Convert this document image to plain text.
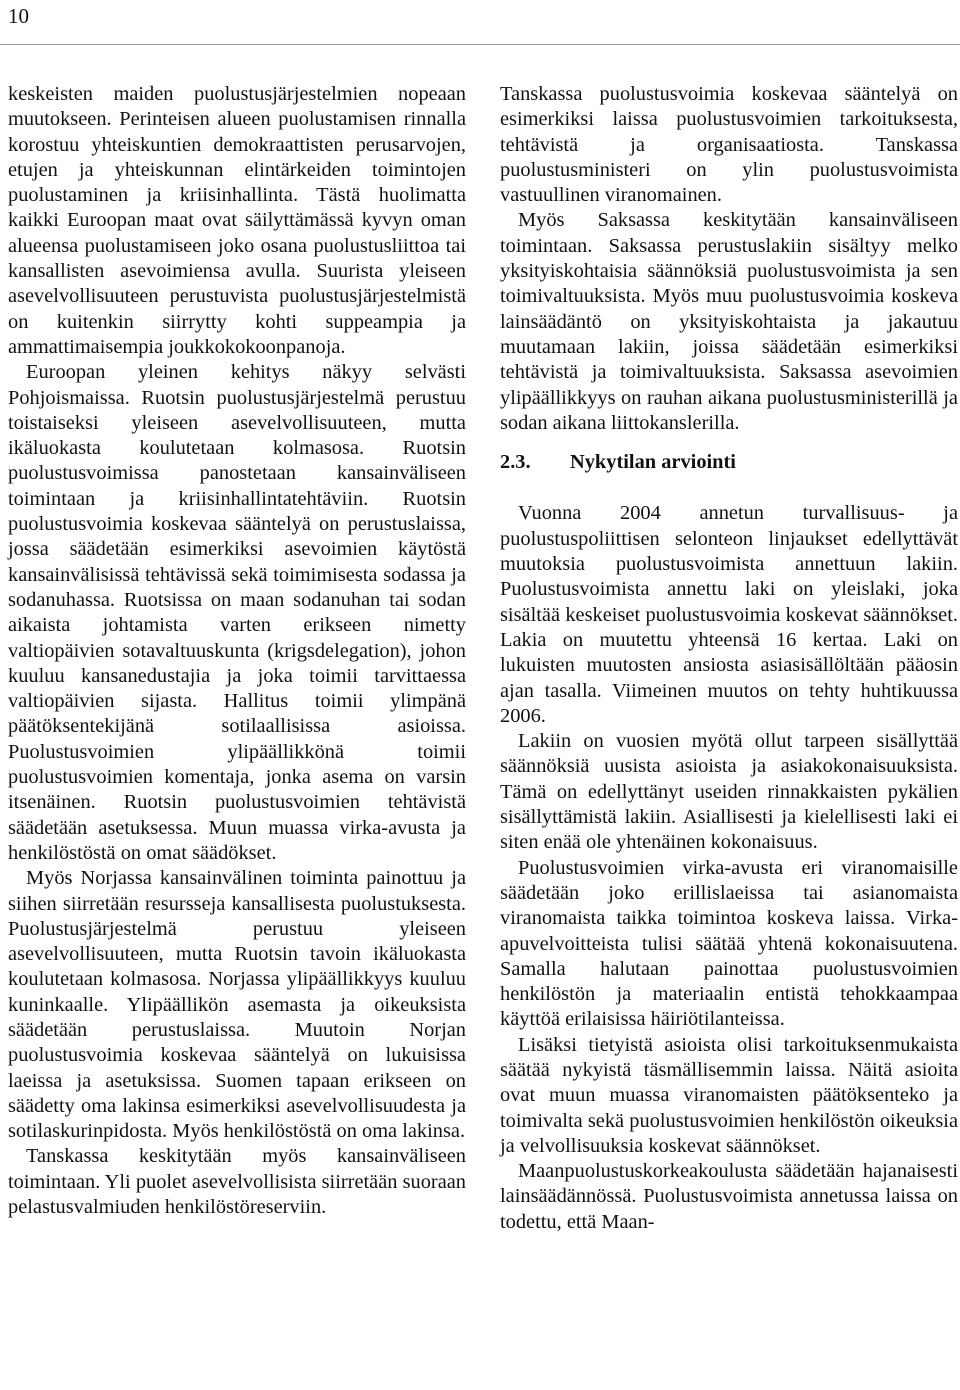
10

keskeisten maiden puolustusjärjestelmien nopeaan muutokseen. Perinteisen alueen puolustamisen rinnalla korostuu yhteiskuntien demokraattisten perusarvojen, etujen ja yhteiskunnan elintärkeiden toimintojen puolustaminen ja kriisinhallinta. Tästä huolimatta kaikki Euroopan maat ovat säilyttämässä kyvyn oman alueensa puolustamiseen joko osana puolustusliittoa tai kansallisten asevoimiensa avulla. Suurista yleiseen asevelvollisuuteen perustuvista puolustusjärjestelmistä on kuitenkin siirrytty kohti suppeampia ja ammattimaisempia joukkokokoonpanoja.

Euroopan yleinen kehitys näkyy selvästi Pohjoismaissa. Ruotsin puolustusjärjestelmä perustuu toistaiseksi yleiseen asevelvollisuuteen, mutta ikäluokasta koulutetaan kolmasosa. Ruotsin puolustusvoimissa panostetaan kansainväliseen toimintaan ja kriisinhallintatehtäviin. Ruotsin puolustusvoimia koskevaa sääntelyä on perustuslaissa, jossa säädetään esimerkiksi asevoimien käytöstä kansainvälisissä tehtävissä sekä toimimisesta sodassa ja sodanuhassa. Ruotsissa on maan sodanuhan tai sodan aikaista johtamista varten erikseen nimetty valtiopäivien sotavaltuuskunta (krigsdelegation), johon kuuluu kansanedustajia ja joka toimii tarvittaessa valtiopäivien sijasta. Hallitus toimii ylimpänä päätöksentekijänä sotilaallisissa asioissa. Puolustusvoimien ylipäällikkönä toimii puolustusvoimien komentaja, jonka asema on varsin itsenäinen. Ruotsin puolustusvoimien tehtävistä säädetään asetuksessa. Muun muassa virka-avusta ja henkilöstöstä on omat säädökset.

Myös Norjassa kansainvälinen toiminta painottuu ja siihen siirretään resursseja kansallisesta puolustuksesta. Puolustusjärjestelmä perustuu yleiseen asevelvollisuuteen, mutta Ruotsin tavoin ikäluokasta koulutetaan kolmasosa. Norjassa ylipäällikkyys kuuluu kuninkaalle. Ylipäällikön asemasta ja oikeuksista säädetään perustuslaissa. Muutoin Norjan puolustusvoimia koskevaa sääntelyä on lukuisissa laeissa ja asetuksissa. Suomen tapaan erikseen on säädetty oma lakinsa esimerkiksi asevelvollisuudesta ja sotilaskurinpidosta. Myös henkilöstöstä on oma lakinsa.

Tanskassa keskitytään myös kansainväliseen toimintaan. Yli puolet asevelvollisista siirretään suoraan pelastusvalmiuden henkilöstöreserviin.

Tanskassa puolustusvoimia koskevaa sääntelyä on esimerkiksi laissa puolustusvoimien tarkoituksesta, tehtävistä ja organisaatiosta. Tanskassa puolustusministeri on ylin puolustusvoimista vastuullinen viranomainen.

Myös Saksassa keskitytään kansainväliseen toimintaan. Saksassa perustuslakiin sisältyy melko yksityiskohtaisia säännöksiä puolustusvoimista ja sen toimivaltuuksista. Myös muu puolustusvoimia koskeva lainsäädäntö on yksityiskohtaista ja jakautuu muutamaan lakiin, joissa säädetään esimerkiksi tehtävistä ja toimivaltuuksista. Saksassa asevoimien ylipäällikkyys on rauhan aikana puolustusministerillä ja sodan aikana liittokanslerilla.

2.3.	Nykytilan arviointi

Vuonna 2004 annetun turvallisuus- ja puolustuspoliittisen selonteon linjaukset edellyttävät muutoksia puolustusvoimista annettuun lakiin. Puolustusvoimista annettu laki on yleislaki, joka sisältää keskeiset puolustusvoimia koskevat säännökset. Lakia on muutettu yhteensä 16 kertaa. Laki on lukuisten muutosten ansiosta asiasisällöltään pääosin ajan tasalla. Viimeinen muutos on tehty huhtikuussa 2006.

Lakiin on vuosien myötä ollut tarpeen sisällyttää säännöksiä uusista asioista ja asiakokonaisuuksista. Tämä on edellyttänyt useiden rinnakkaisten pykälien sisällyttämistä lakiin. Asiallisesti ja kielellisesti laki ei siten enää ole yhtenäinen kokonaisuus.

Puolustusvoimien virka-avusta eri viranomaisille säädetään joko erillislaeissa tai asianomaista viranomaista taikka toimintoa koskeva laissa. Virka-apuvelvoitteista tulisi säätää yhtenä kokonaisuutena. Samalla halutaan painottaa puolustusvoimien henkilöstön ja materiaalin entistä tehokkaampaa käyttöä erilaisissa häiriötilanteissa.

Lisäksi tietyistä asioista olisi tarkoituksenmukaista säätää nykyistä täsmällisemmin laissa. Näitä asioita ovat muun muassa viranomaisten päätöksenteko ja toimivalta sekä puolustusvoimien henkilöstön oikeuksia ja velvollisuuksia koskevat säännökset.

Maanpuolustuskorkeakoulusta säädetään hajanaisesti lainsäädännössä. Puolustusvoimista annetussa laissa on todettu, että Maan-
